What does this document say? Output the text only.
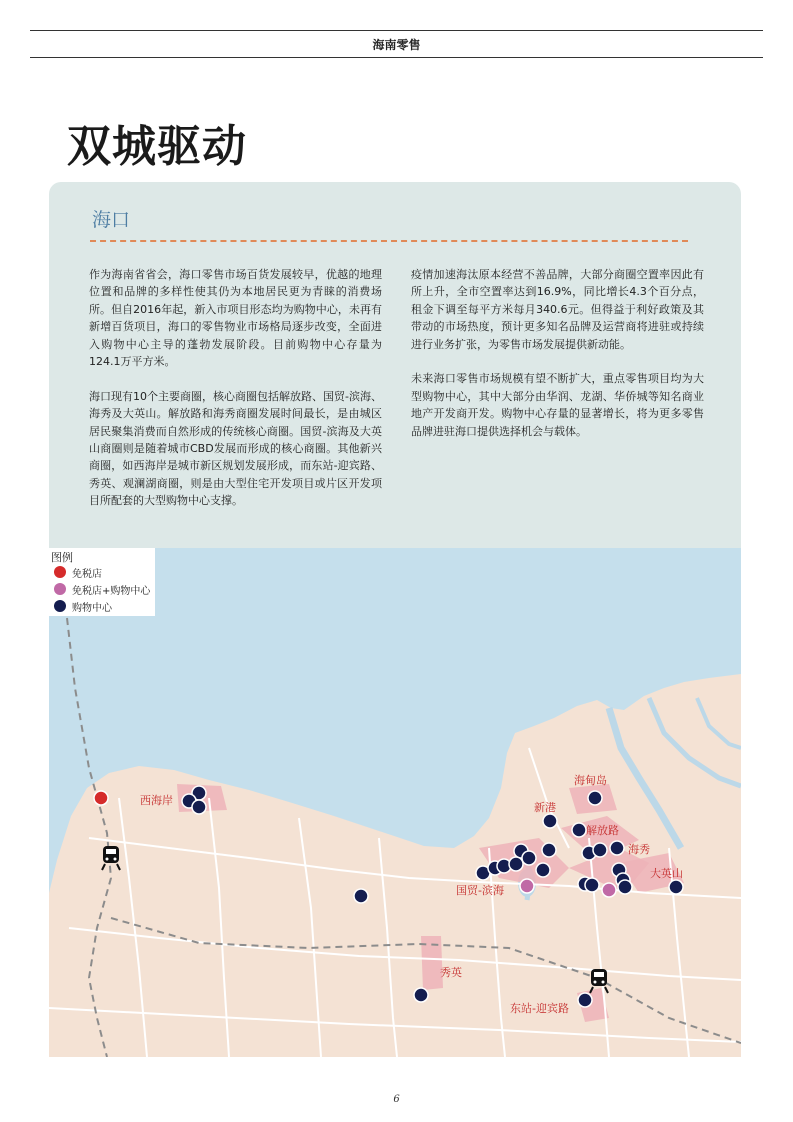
海南零售
双城驱动
海口

作为海南省省会，海口零售市场百货发展较早，优越的地理位置和品牌的多样性使其仍为本地居民更为青睐的消费场所。但自2016年起，新入市项目形态均为购物中心，未再有新增百货项目，海口的零售物业市场格局逐步改变，全面进入购物中心主导的蓬勃发展阶段。目前购物中心存量为124.1万平方米。

海口现有10个主要商圈，核心商圈包括解放路、国贸-滨海、海秀及大英山。解放路和海秀商圈发展时间最长，是由城区居民聚集消费而自然形成的传统核心商圈。国贸-滨海及大英山商圈则是随着城市CBD发展而形成的核心商圈。其他新兴商圈，如西海岸是城市新区规划发展形成，而东站-迎宾路、秀英、观澜湖商圈，则是由大型住宅开发项目或片区开发项目所配套的大型购物中心支撑。

疫情加速海汰原本经营不善品牌，大部分商圈空置率因此有所上升，全市空置率达到16.9%，同比增长4.3个百分点，租金下调至每平方米每月340.6元。但得益于利好政策及其带动的市场热度，预计更多知名品牌及运营商将进驻或持续进行业务扩张，为零售市场发展提供新动能。

未来海口零售市场规模有望不断扩大，重点零售项目均为大型购物中心，其中大部分由华润、龙湖、华侨城等知名商业地产开发商开发。购物中心存量的显著增长，将为更多零售品牌进驻海口提供选择机会与载体。

西海岸
海甸岛
新港
解放路
海秀
大英山
国贸-滨海
秀英
东站-迎宾路
图例
免税店
免税店+购物中心
购物中心
6
